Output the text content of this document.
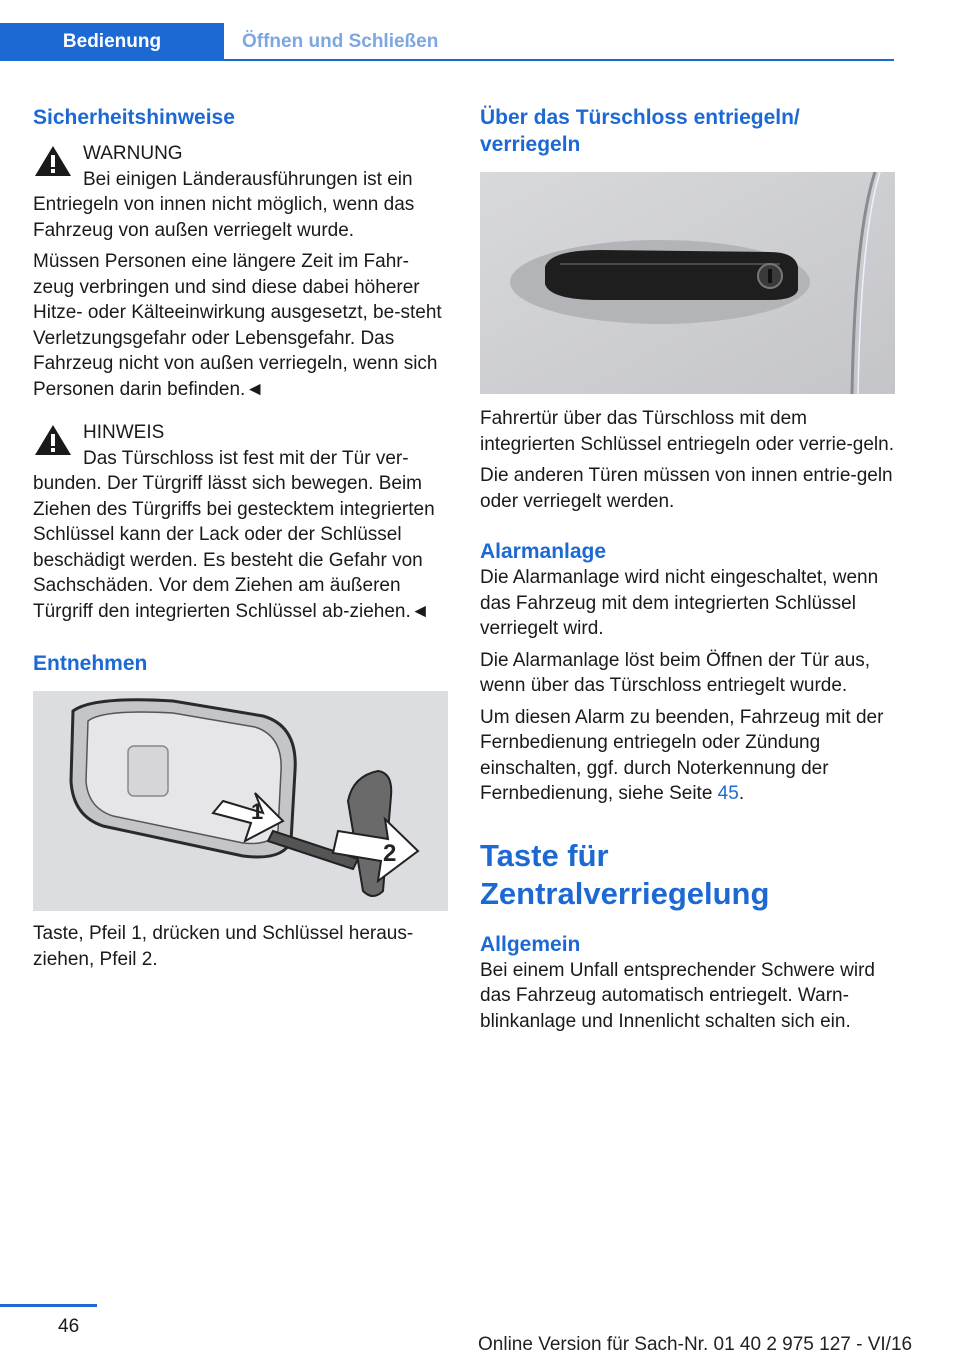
Bedienung	Öffnen und Schließen
Sicherheitshinweise
WARNUNG
Bei einigen Länderausführungen ist ein

Entriegeln von innen nicht möglich, wenn das Fahrzeug von außen verriegelt wurde.

Müssen Personen eine längere Zeit im Fahr-zeug verbringen und sind diese dabei höherer Hitze- oder Kälteeinwirkung ausgesetzt, be-steht Verletzungsgefahr oder Lebensgefahr. Das Fahrzeug nicht von außen verriegeln, wenn sich Personen darin befinden.◄

HINWEIS
Das Türschloss ist fest mit der Tür ver-

bunden. Der Türgriff lässt sich bewegen. Beim Ziehen des Türgriffs bei gestecktem integrierten Schlüssel kann der Lack oder der Schlüssel beschädigt werden. Es besteht die Gefahr von Sachschäden. Vor dem Ziehen am äußeren Türgriff den integrierten Schlüssel ab-ziehen.◄

Entnehmen
1
2

Taste, Pfeil 1, drücken und Schlüssel heraus-ziehen, Pfeil 2.

Über das Türschloss entriegeln/ verriegeln

Fahrertür über das Türschloss mit dem integrierten Schlüssel entriegeln oder verrie-geln.

Die anderen Türen müssen von innen entrie-geln oder verriegelt werden.

Alarmanlage

Die Alarmanlage wird nicht eingeschaltet, wenn das Fahrzeug mit dem integrierten Schlüssel verriegelt wird.

Die Alarmanlage löst beim Öffnen der Tür aus, wenn über das Türschloss entriegelt wurde.

Um diesen Alarm zu beenden, Fahrzeug mit der Fernbedienung entriegeln oder Zündung einschalten, ggf. durch Noterkennung der Fernbedienung, siehe Seite 45.

Taste für Zentralverriegelung
Allgemein

Bei einem Unfall entsprechender Schwere wird das Fahrzeug automatisch entriegelt. Warn-blinkanlage und Innenlicht schalten sich ein.

46
Online Version für Sach-Nr. 01 40 2 975 127 - VI/16
